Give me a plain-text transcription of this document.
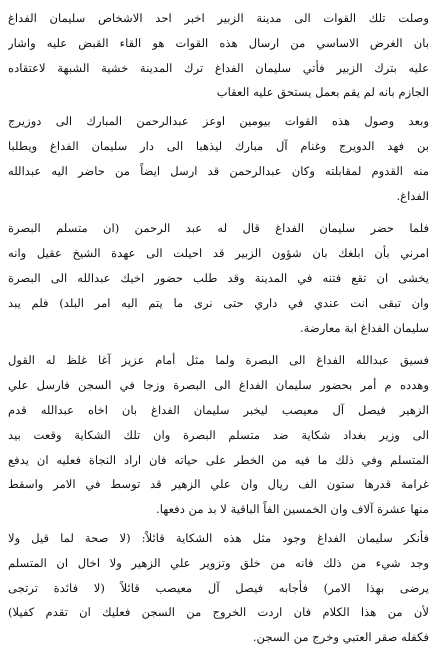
وصلت تلك القوات الى مدينة الزبير اخبر احد الاشخاص سليمان الفداغ
بان الغرض الاساسي من ارسال هذه القوات هو القاء القبض عليه واشار
عليه بترك الزبير فأتي سليمان الفداغ ترك المدينة خشية الشبهة لاعتقاده
الجازم بانه لم يقم بعمل يستحق عليه العقاب

وبعد وصول هذه القوات بيومين اوعز عبدالرحمن المبارك الى دوزيرج
بن فهد الدويرج وغنام آل مبارك ليذهبا الى دار سليمان الفداغ ويطلبا
منه القدوم لمقابلته وكان عبدالرحمن قد ارسل ايضاً من حاضر اليه عبدالله
الفداغ.

فلما حضر سليمان الفداغ قال له عبد الرحمن (ان متسلم البصرة
امرني بأن ابلغك بان شؤون الزبير قد احيلت الى عهدة الشيخ عقيل وانه
يخشى ان تقع فتنه في المدينة وقد طلب حضور اخيك عبدالله الى البصرة
وان تبقى انت عندي في داري حتى نرى ما يتم اليه امر البلد) فلم يبد
سليمان الفداغ ابة معارضة.

فسيق عبدالله الفداغ الى البصرة ولما مثل أمام عزيز آغا غلظ له القول
وهدده م أمر بحضور سليمان الفداغ الى البصرة وزجا في السجن فارسل علي
الزهير فيصل آل معيصب ليخبر سليمان الفداغ بان اخاه عبدالله قدم
الى وزير بغداد شكاية ضد متسلم البصرة وان تلك الشكاية وقعت بيد
المتسلم وفي ذلك ما فيه من الخطر على حياته فان اراد النجاة فعليه ان يدفع
غرامة قدرها ستون الف ريال وان علي الزهير قد توسط في الامر واسقط
منها عشرة آلاف وان الخمسين الفاً الباقية لا بد من دفعها.

فأنكر سليمان الفداغ وجود مثل هذه الشكاية قائلاً: (لا صحة لما قيل ولا
وجد شيء من ذلك فانه من خلق وتزوير علي الزهير ولا اخال ان المتسلم
يرضى بهذا الامر) فأجابه فيصل آل معيصب قائلاً (لا فائدة ترتجى
لأن من هذا الكلام فان اردت الخروج من السجن فعليك ان تقدم كفيلا)
فكفله صقر العتبي وخرج من السجن.
